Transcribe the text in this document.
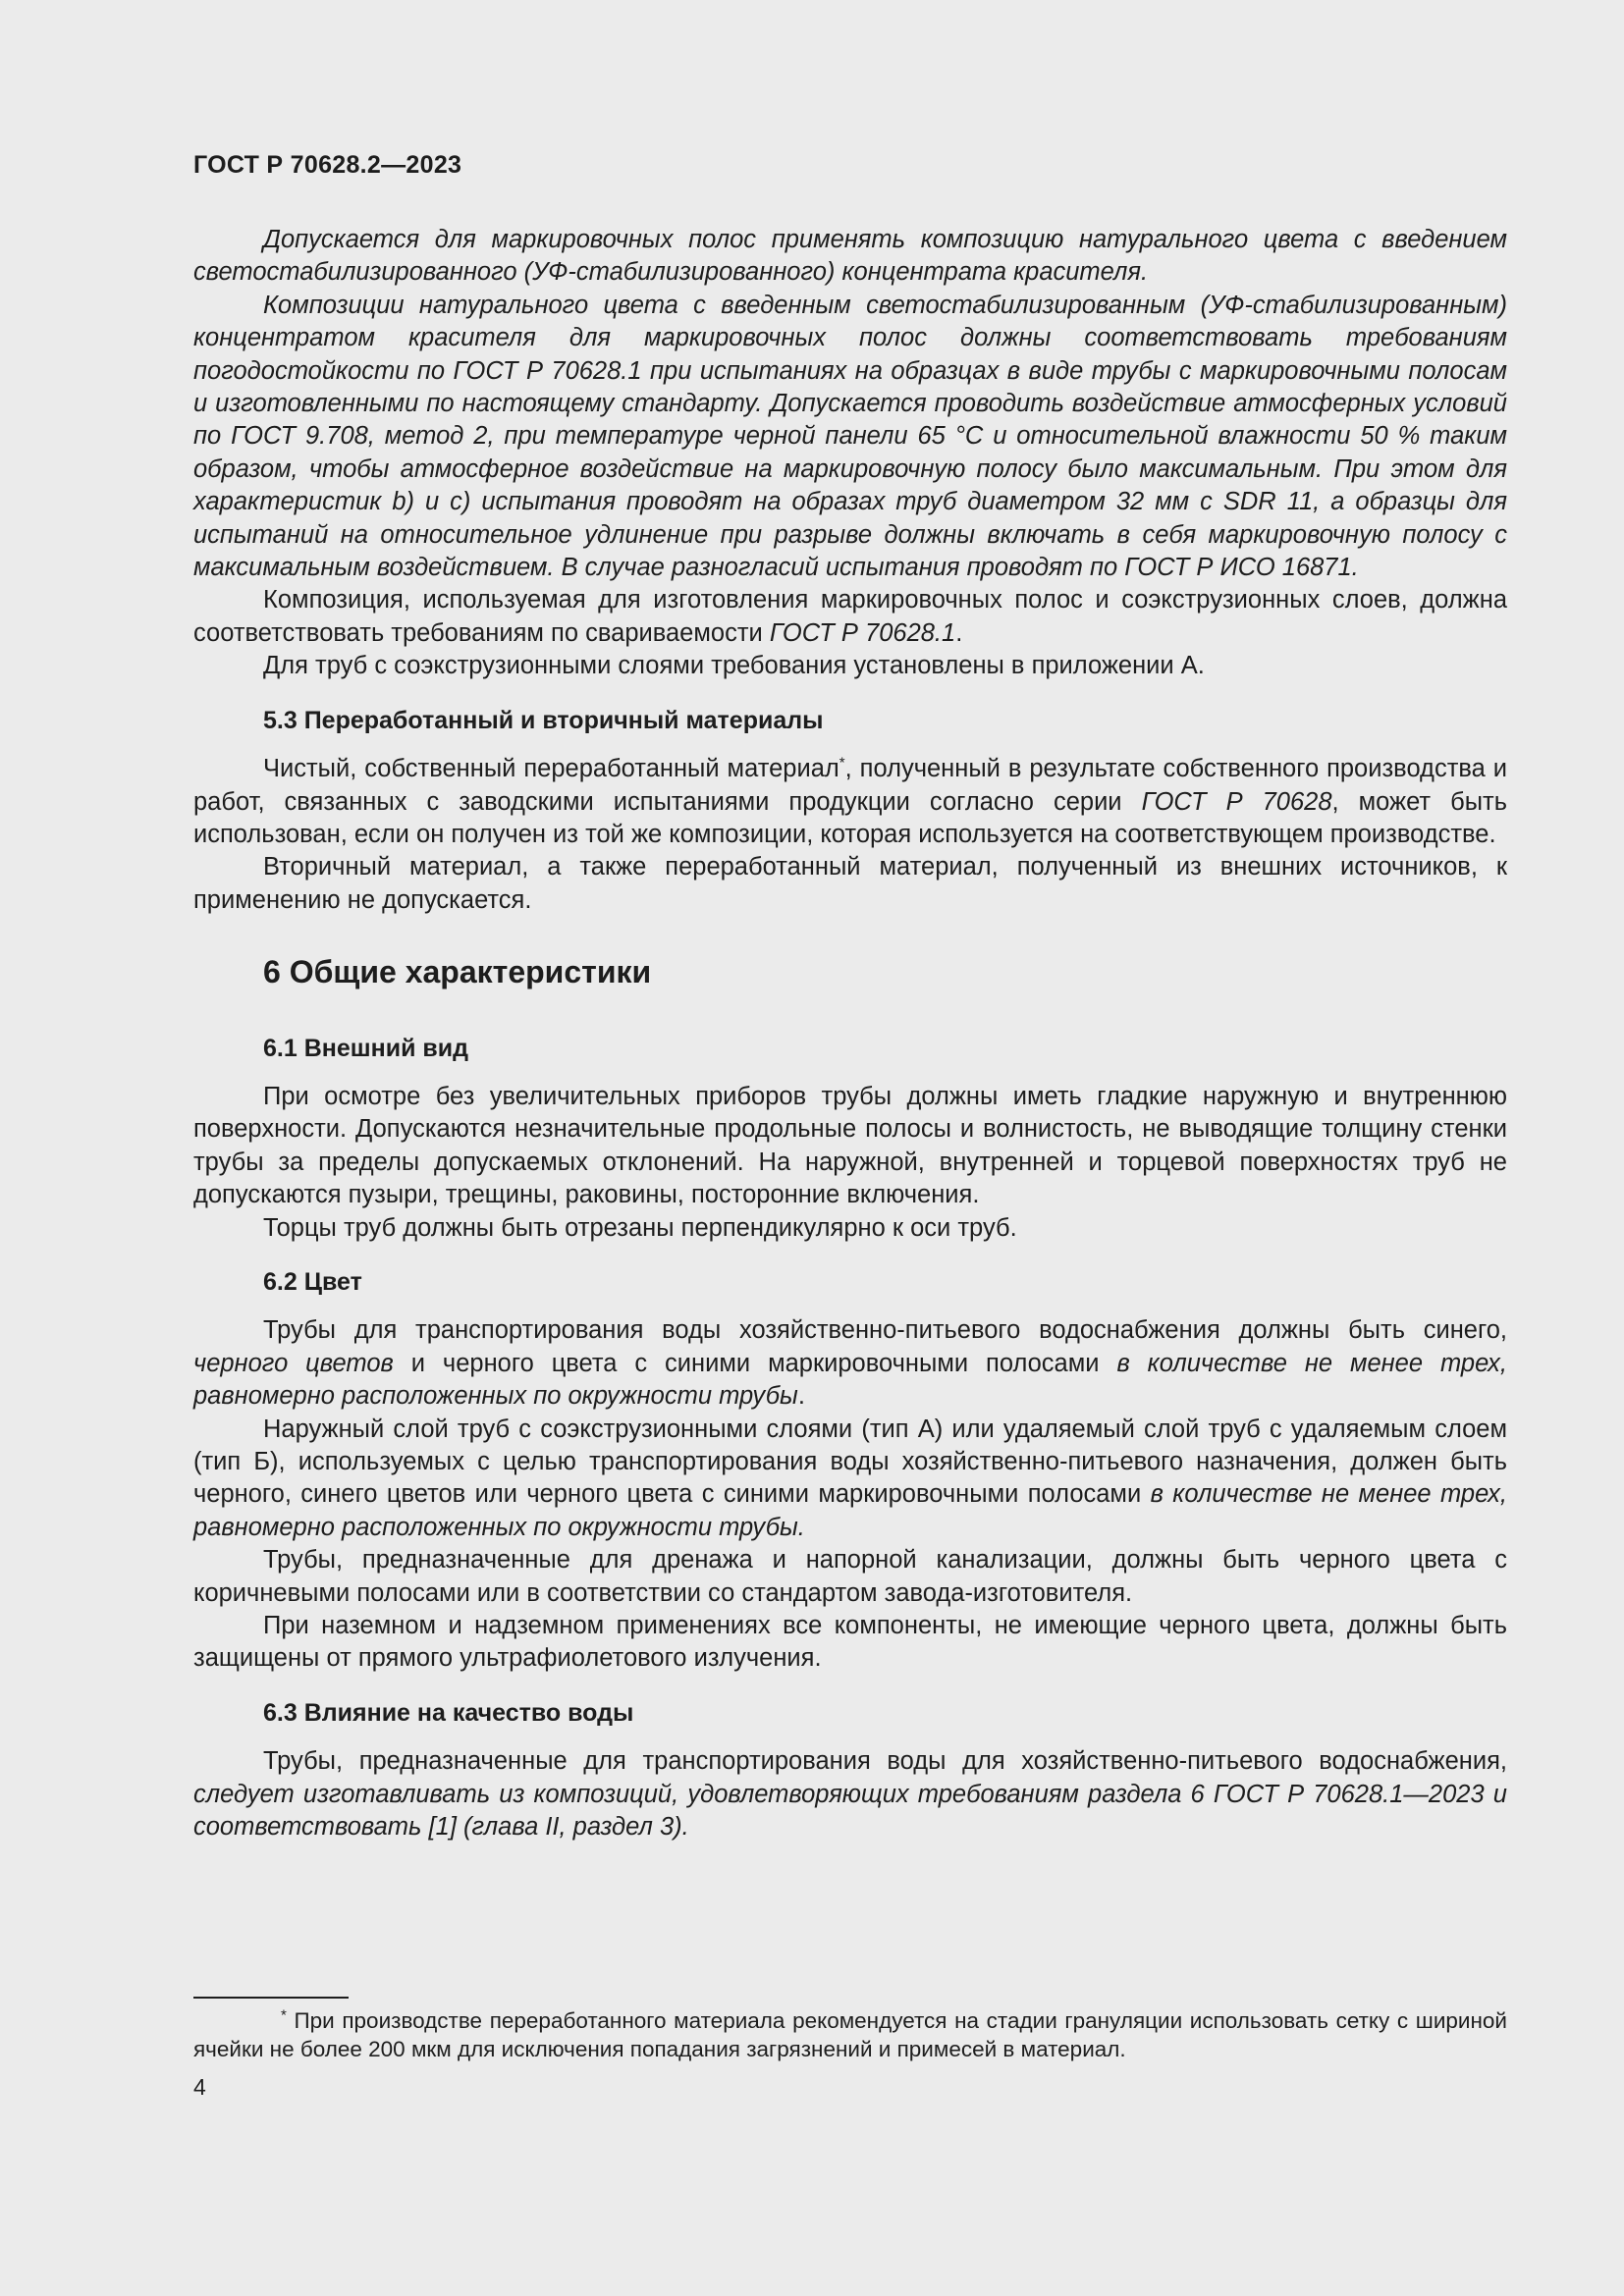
ГОСТ Р 70628.2—2023

Допускается для маркировочных полос применять композицию натурального цвета с введением светостабилизированного (УФ-стабилизированного) концентрата красителя.

Композиции натурального цвета с введенным светостабилизированным (УФ-стабилизированным) концентратом красителя для маркировочных полос должны соответствовать требованиям погодостойкости по ГОСТ Р 70628.1 при испытаниях на образцах в виде трубы с маркировочными полосам и изготовленными по настоящему стандарту. Допускается проводить воздействие атмосферных условий по ГОСТ 9.708, метод 2, при температуре черной панели 65 °C и относительной влажности 50 % таким образом, чтобы атмосферное воздействие на маркировочную полосу было максимальным. При этом для характеристик b) и c) испытания проводят на образах труб диаметром 32 мм с SDR 11, а образцы для испытаний на относительное удлинение при разрыве должны включать в себя маркировочную полосу с максимальным воздействием. В случае разногласий испытания проводят по ГОСТ Р ИСО 16871.

Композиция, используемая для изготовления маркировочных полос и соэкструзионных слоев, должна соответствовать требованиям по свариваемости ГОСТ Р 70628.1.

Для труб с соэкструзионными слоями требования установлены в приложении А.

5.3 Переработанный и вторичный материалы

Чистый, собственный переработанный материал*, полученный в результате собственного производства и работ, связанных с заводскими испытаниями продукции согласно серии ГОСТ Р 70628, может быть использован, если он получен из той же композиции, которая используется на соответствующем производстве.

Вторичный материал, а также переработанный материал, полученный из внешних источников, к применению не допускается.

6 Общие характеристики
6.1 Внешний вид

При осмотре без увеличительных приборов трубы должны иметь гладкие наружную и внутреннюю поверхности. Допускаются незначительные продольные полосы и волнистость, не выводящие толщину стенки трубы за пределы допускаемых отклонений. На наружной, внутренней и торцевой поверхностях труб не допускаются пузыри, трещины, раковины, посторонние включения.

Торцы труб должны быть отрезаны перпендикулярно к оси труб.

6.2 Цвет

Трубы для транспортирования воды хозяйственно-питьевого водоснабжения должны быть синего, черного цветов и черного цвета с синими маркировочными полосами в количестве не менее трех, равномерно расположенных по окружности трубы.

Наружный слой труб с соэкструзионными слоями (тип А) или удаляемый слой труб с удаляемым слоем (тип Б), используемых с целью транспортирования воды хозяйственно-питьевого назначения, должен быть черного, синего цветов или черного цвета с синими маркировочными полосами в количестве не менее трех, равномерно расположенных по окружности трубы.

Трубы, предназначенные для дренажа и напорной канализации, должны быть черного цвета с коричневыми полосами или в соответствии со стандартом завода-изготовителя.

При наземном и надземном применениях все компоненты, не имеющие черного цвета, должны быть защищены от прямого ультрафиолетового излучения.

6.3 Влияние на качество воды

Трубы, предназначенные для транспортирования воды для хозяйственно-питьевого водоснабжения, следует изготавливать из композиций, удовлетворяющих требованиям раздела 6 ГОСТ Р 70628.1—2023 и соответствовать [1] (глава II, раздел 3).

* При производстве переработанного материала рекомендуется на стадии грануляции использовать сетку с шириной ячейки не более 200 мкм для исключения попадания загрязнений и примесей в материал.
4
